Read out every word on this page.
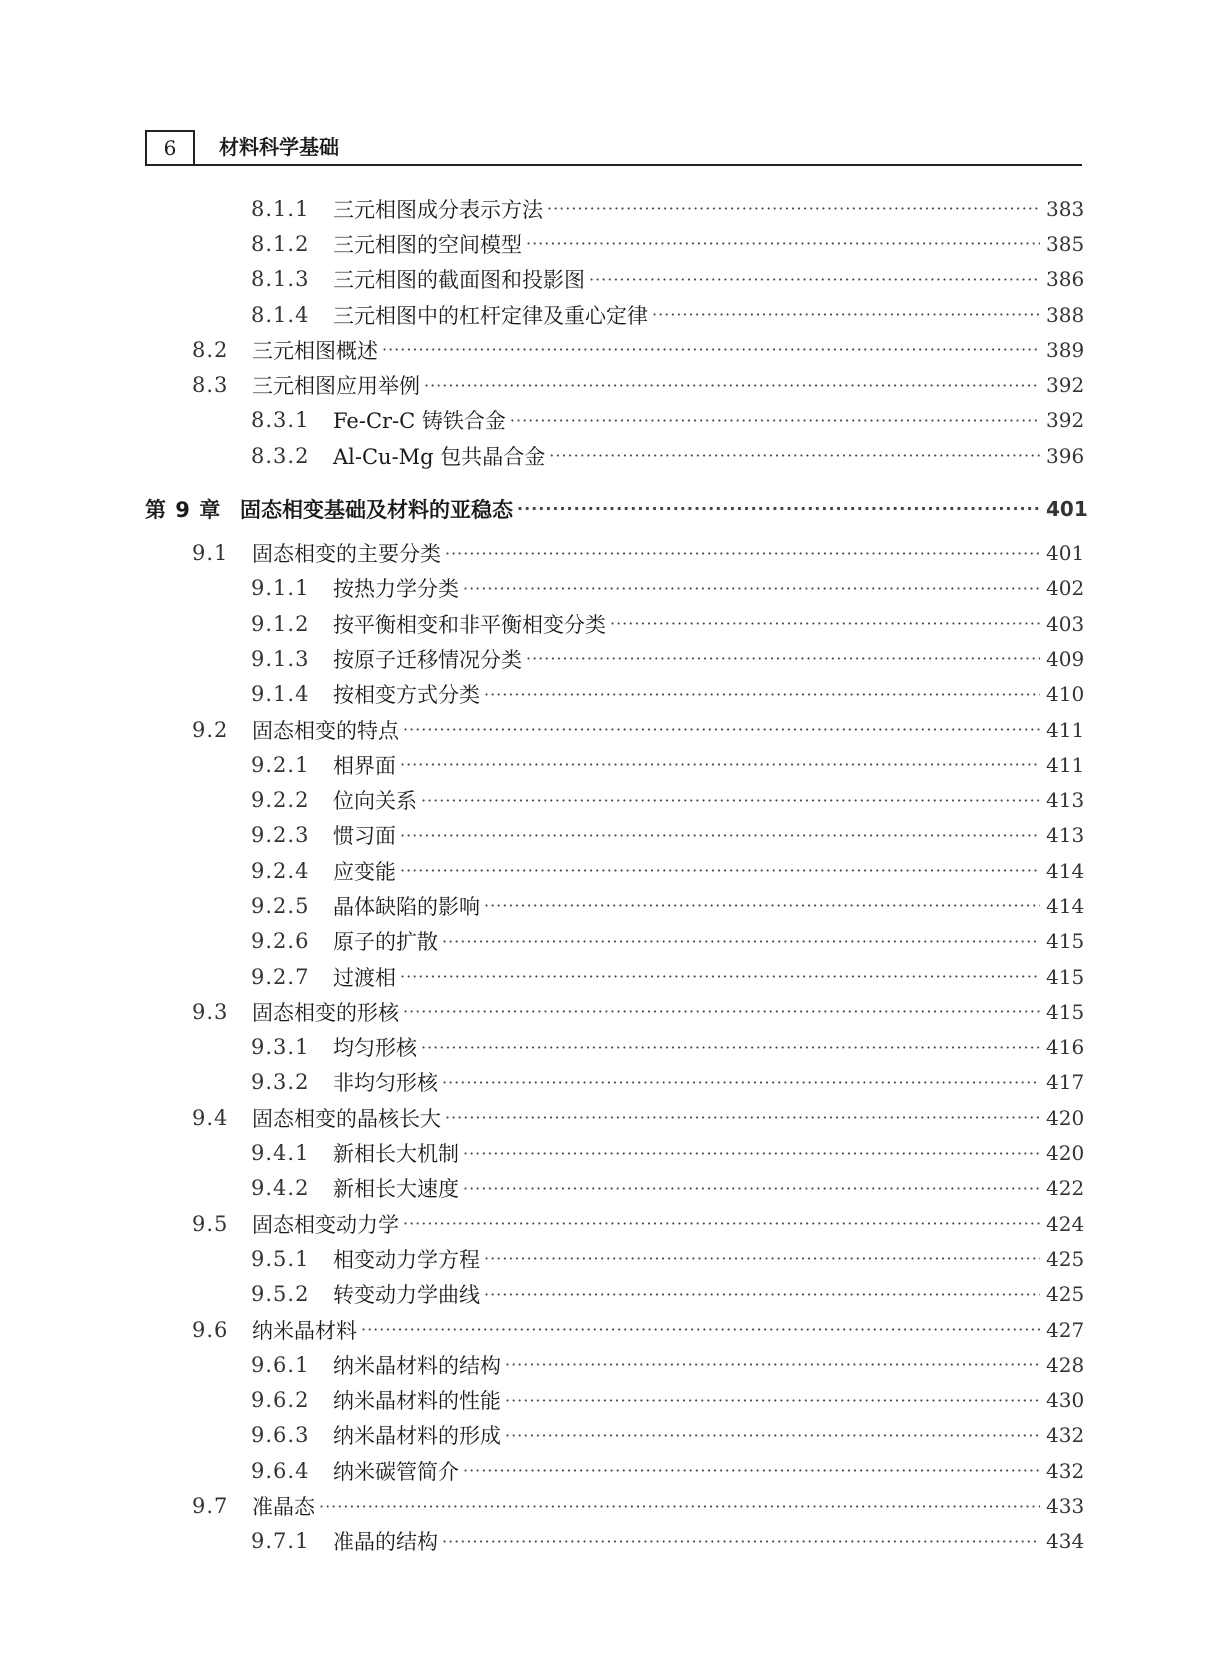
6	材料科学基础
8.1.1	三元相图成分表示方法 ·····	383
8.1.2	三元相图的空间模型 ·····	385
8.1.3	三元相图的截面图和投影图 ·····	386
8.1.4	三元相图中的杠杆定律及重心定律 ·····	388
8.2	三元相图概述 ·····	389
8.3	三元相图应用举例 ·····	392
8.3.1	Fe-Cr-C 铸铁合金 ·····	392
8.3.2	Al-Cu-Mg 包共晶合金 ·····	396
第 9 章 固态相变基础及材料的亚稳态 ·····	401
9.1	固态相变的主要分类 ·····	401
9.1.1	按热力学分类 ·····	402
9.1.2	按平衡相变和非平衡相变分类 ·····	403
9.1.3	按原子迁移情况分类 ·····	409
9.1.4	按相变方式分类 ·····	410
9.2	固态相变的特点 ·····	411
9.2.1	相界面 ·····	411
9.2.2	位向关系 ·····	413
9.2.3	惯习面 ·····	413
9.2.4	应变能 ·····	414
9.2.5	晶体缺陷的影响 ·····	414
9.2.6	原子的扩散 ·····	415
9.2.7	过渡相 ·····	415
9.3	固态相变的形核 ·····	415
9.3.1	均匀形核 ·····	416
9.3.2	非均匀形核 ·····	417
9.4	固态相变的晶核长大 ·····	420
9.4.1	新相长大机制 ·····	420
9.4.2	新相长大速度 ·····	422
9.5	固态相变动力学 ·····	424
9.5.1	相变动力学方程 ·····	425
9.5.2	转变动力学曲线 ·····	425
9.6	纳米晶材料 ·····	427
9.6.1	纳米晶材料的结构 ·····	428
9.6.2	纳米晶材料的性能 ·····	430
9.6.3	纳米晶材料的形成 ·····	432
9.6.4	纳米碳管简介 ·····	432
9.7	准晶态 ·····	433
9.7.1	准晶的结构 ·····	434
